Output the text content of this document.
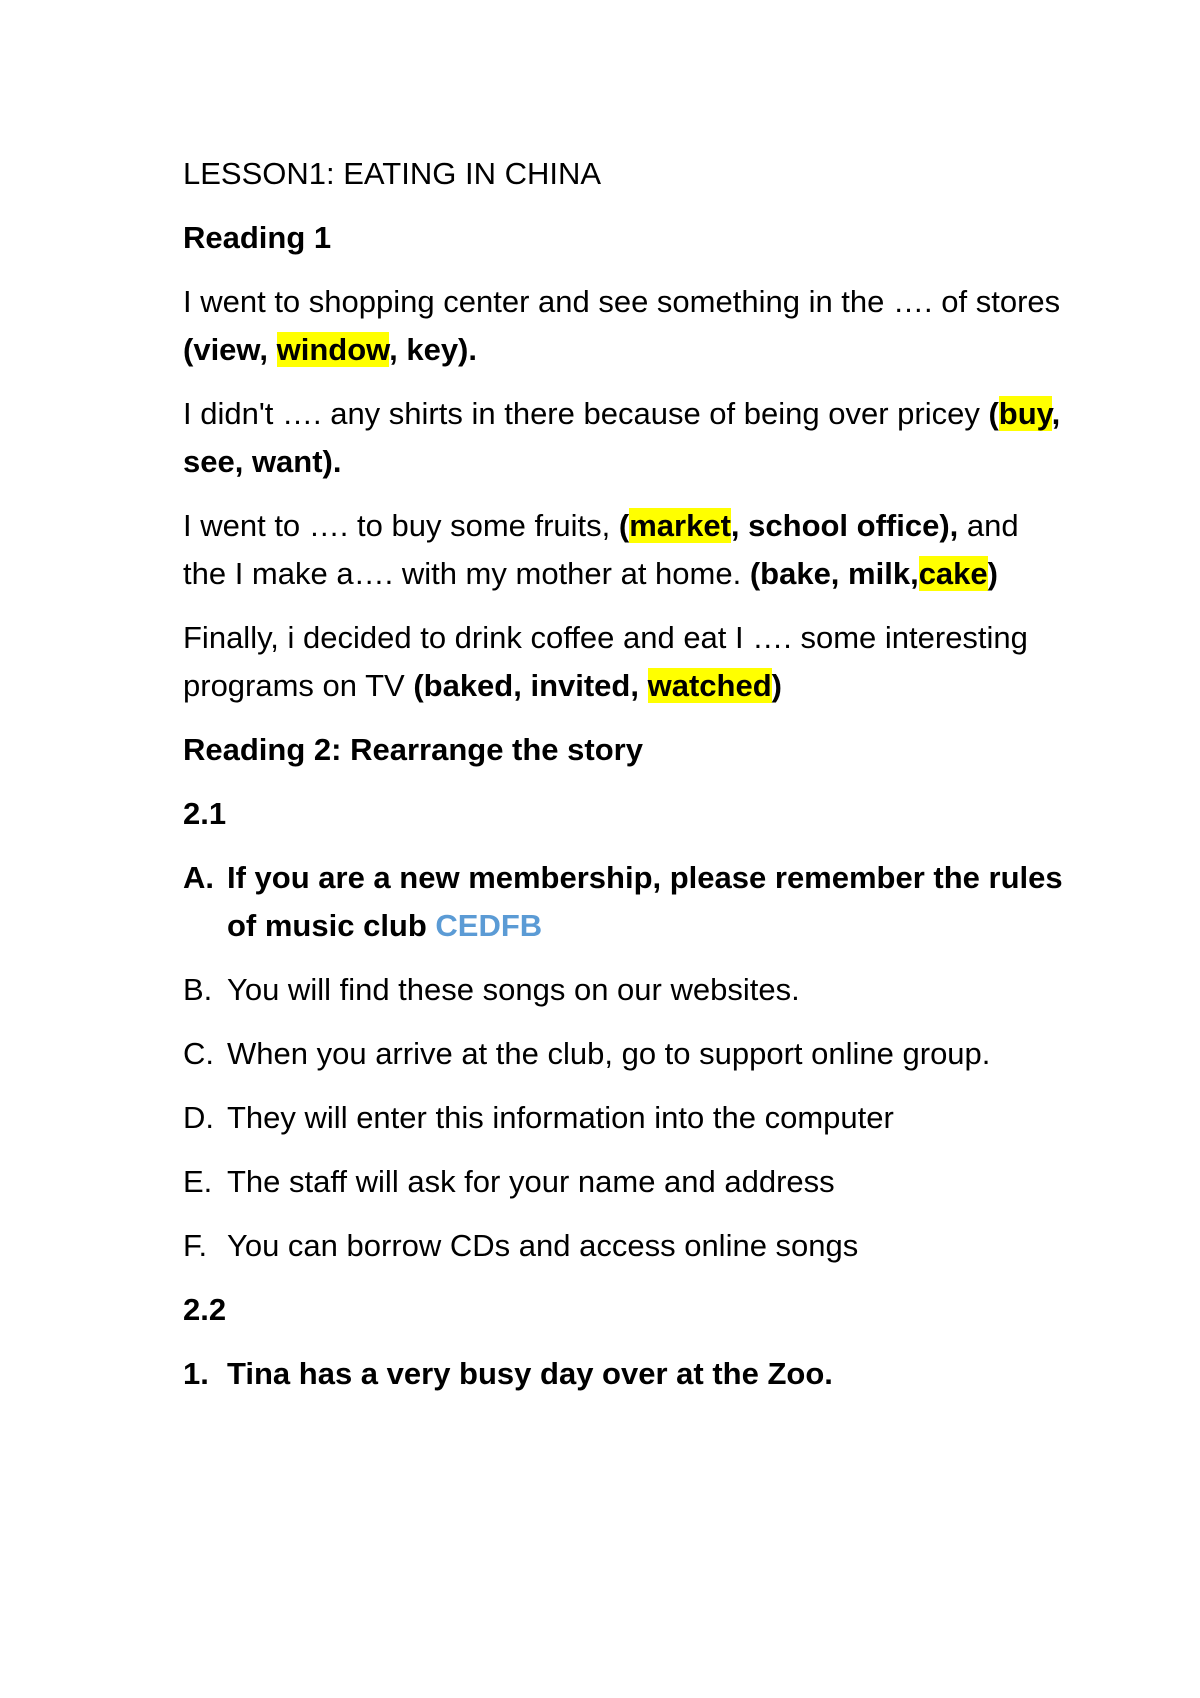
LESSON1: EATING IN CHINA

Reading 1

I went to shopping center and see something in the …. of stores (view, window, key).

I didn't …. any shirts in there because of being over pricey (buy, see, want).

I went to …. to buy some fruits, (market, school office), and the I make a…. with my mother at home. (bake, milk,cake)

Finally, i decided to drink coffee and eat I …. some interesting programs on TV (baked, invited, watched)

Reading 2: Rearrange the story

2.1

A. If you are a new membership, please remember the rules of music club CEDFB
B. You will find these songs on our websites.
C. When you arrive at the club, go to support online group.
D. They will enter this information into the computer
E. The staff will ask for your name and address
F. You can borrow CDs and access online songs

2.2

1. Tina has a very busy day over at the Zoo.
